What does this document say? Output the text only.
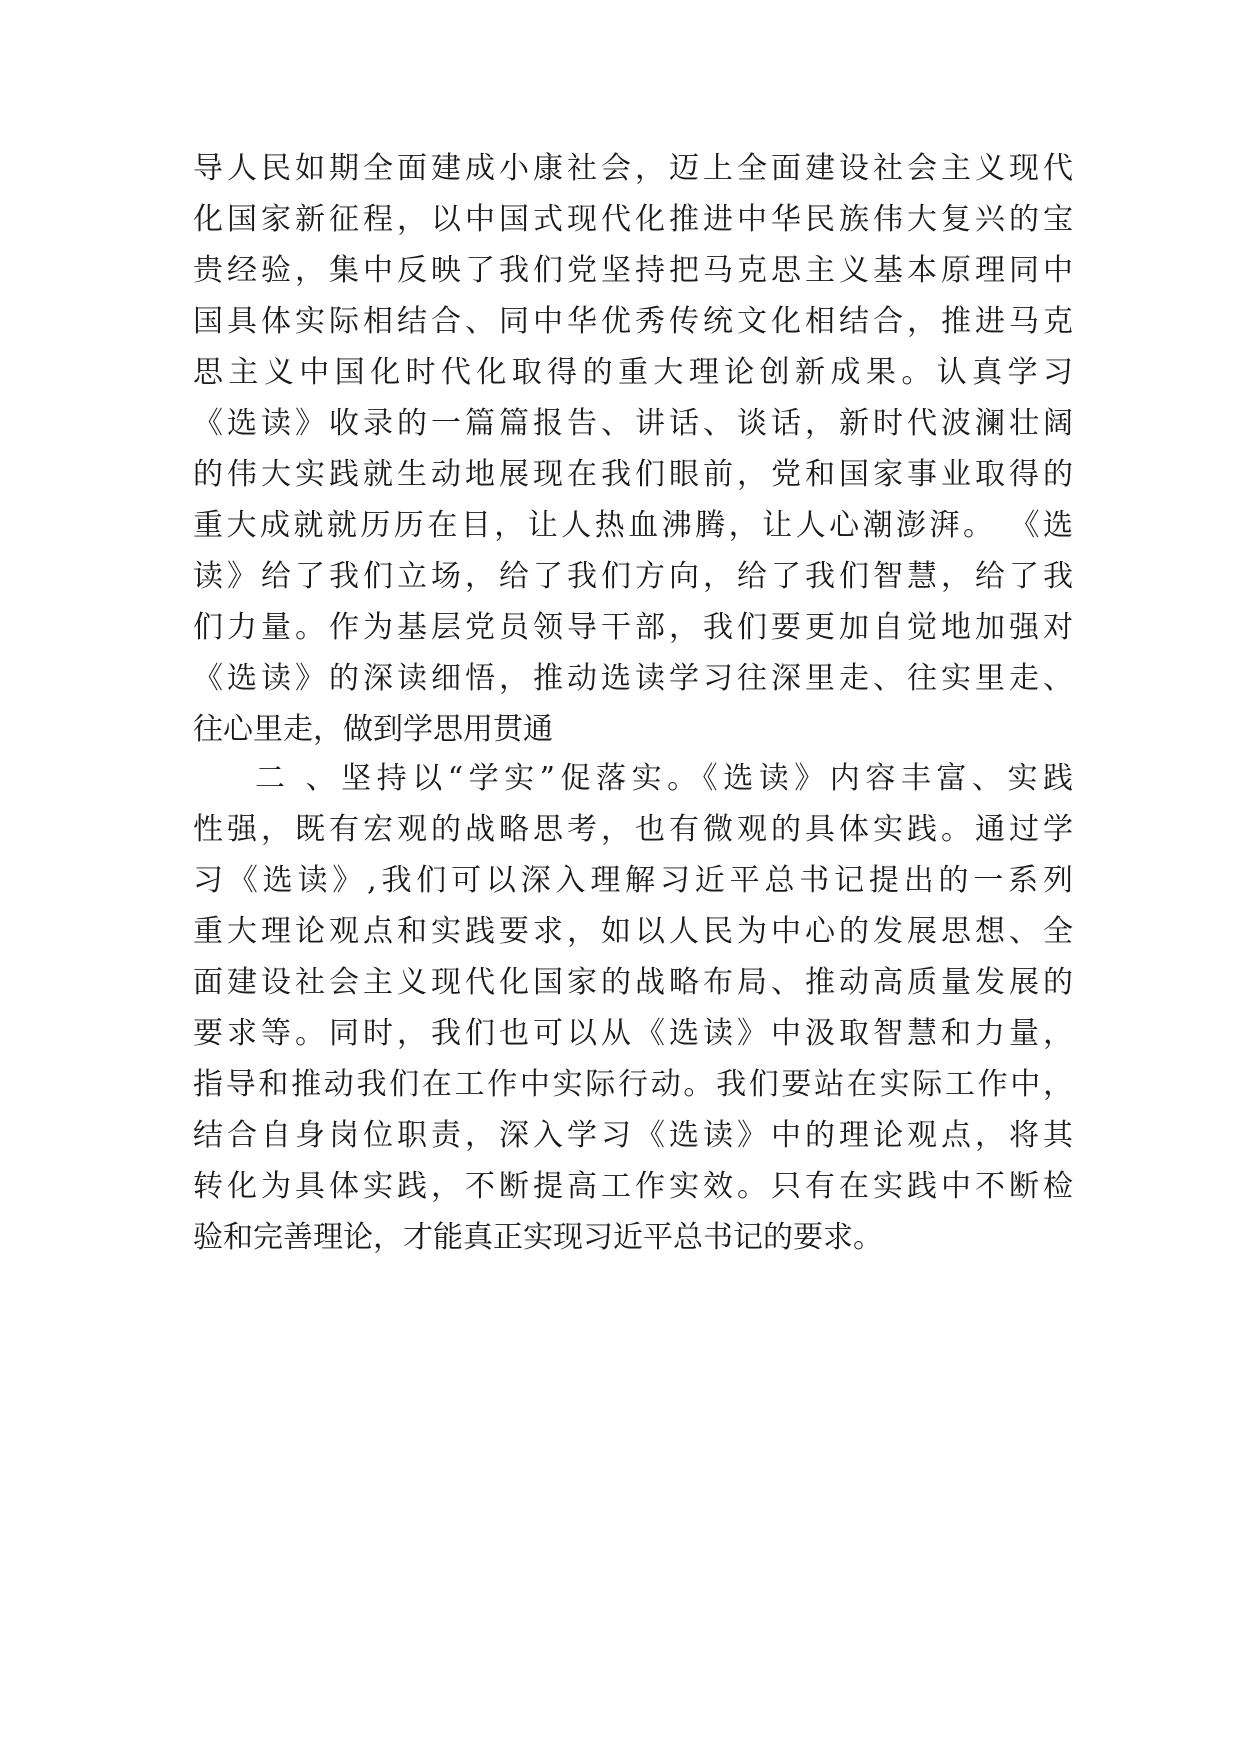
导人民如期全面建成小康社会，迈上全面建设社会主义现代
化国家新征程，以中国式现代化推进中华民族伟大复兴的宝
贵经验，集中反映了我们党坚持把马克思主义基本原理同中
国具体实际相结合、同中华优秀传统文化相结合，推进马克
思主义中国化时代化取得的重大理论创新成果。认真学习
《选读》收录的一篇篇报告、讲话、谈话，新时代波澜壮阔
的伟大实践就生动地展现在我们眼前，党和国家事业取得的
重大成就就历历在目，让人热血沸腾，让人心潮澎湃。 《选
读》给了我们立场，给了我们方向，给了我们智慧，给了我
们力量。作为基层党员领导干部，我们要更加自觉地加强对
《选读》的深读细悟，推动选读学习往深里走、往实里走、
往心里走，做到学思用贯通
二 、坚持以“学实”促落实。《选读》内容丰富、实践
性强，既有宏观的战略思考，也有微观的具体实践。通过学
习《选读》,我们可以深入理解习近平总书记提出的一系列
重大理论观点和实践要求，如以人民为中心的发展思想、全
面建设社会主义现代化国家的战略布局、推动高质量发展的
要求等。同时，我们也可以从《选读》中汲取智慧和力量，
指导和推动我们在工作中实际行动。我们要站在实际工作中，
结合自身岗位职责，深入学习《选读》中的理论观点，将其
转化为具体实践，不断提高工作实效。只有在实践中不断检
验和完善理论，才能真正实现习近平总书记的要求。
